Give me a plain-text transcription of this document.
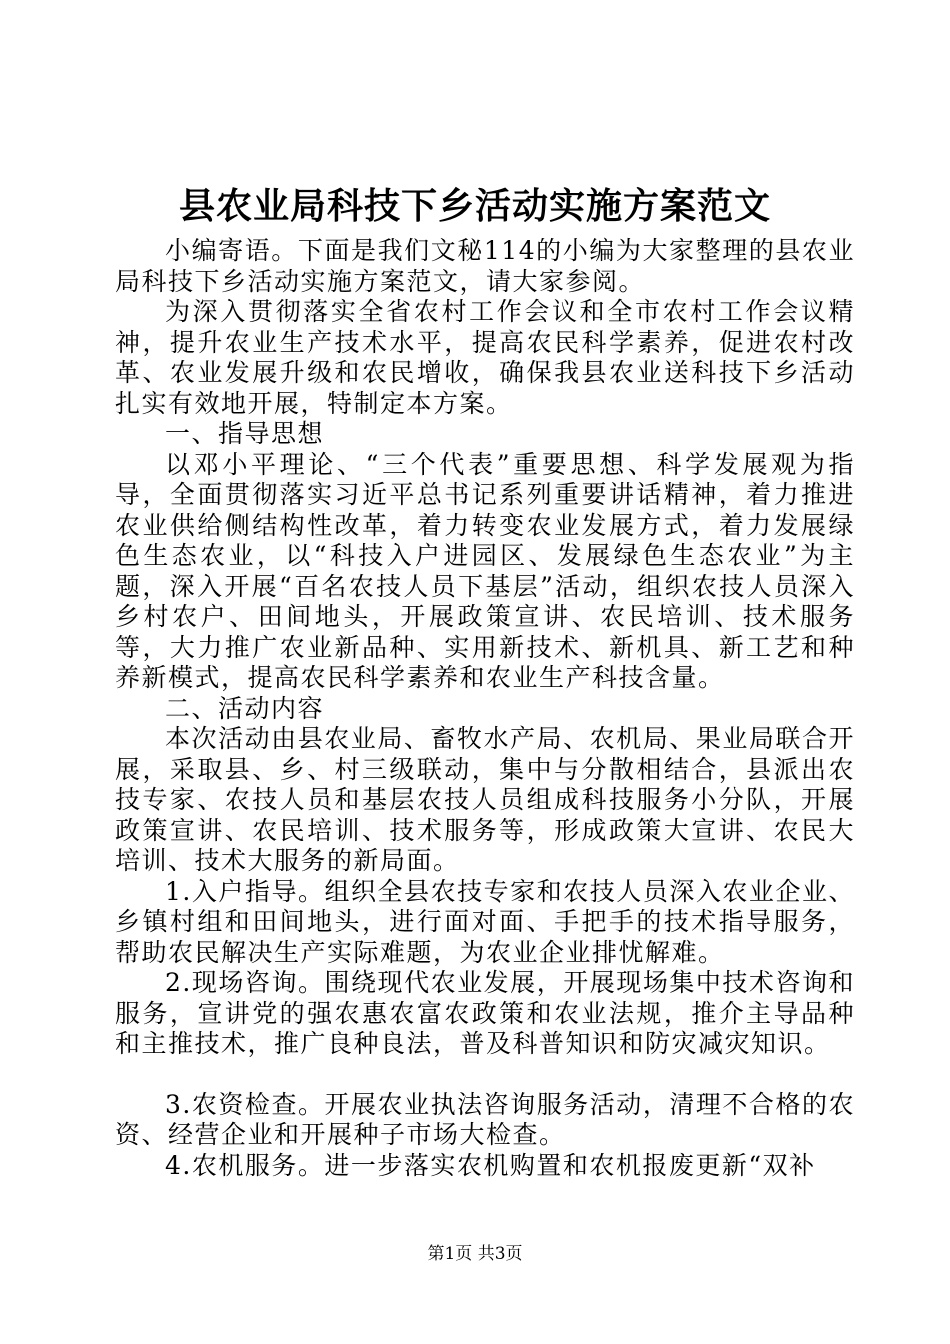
县农业局科技下乡活动实施方案范文

小编寄语。下面是我们文秘114的小编为大家整理的县农业局科技下乡活动实施方案范文，请大家参阅。

为深入贯彻落实全省农村工作会议和全市农村工作会议精神，提升农业生产技术水平，提高农民科学素养，促进农村改革、农业发展升级和农民增收，确保我县农业送科技下乡活动扎实有效地开展，特制定本方案。

一、指导思想

以邓小平理论、“三个代表”重要思想、科学发展观为指导，全面贯彻落实习近平总书记系列重要讲话精神，着力推进农业供给侧结构性改革，着力转变农业发展方式，着力发展绿色生态农业，以“科技入户进园区、发展绿色生态农业”为主题，深入开展“百名农技人员下基层”活动，组织农技人员深入乡村农户、田间地头，开展政策宣讲、农民培训、技术服务等，大力推广农业新品种、实用新技术、新机具、新工艺和种养新模式，提高农民科学素养和农业生产科技含量。

二、活动内容

本次活动由县农业局、畜牧水产局、农机局、果业局联合开展，采取县、乡、村三级联动，集中与分散相结合，县派出农技专家、农技人员和基层农技人员组成科技服务小分队，开展政策宣讲、农民培训、技术服务等，形成政策大宣讲、农民大培训、技术大服务的新局面。

1.入户指导。组织全县农技专家和农技人员深入农业企业、乡镇村组和田间地头，进行面对面、手把手的技术指导服务，帮助农民解决生产实际难题，为农业企业排忧解难。

2.现场咨询。围绕现代农业发展，开展现场集中技术咨询和服务，宣讲党的强农惠农富农政策和农业法规，推介主导品种和主推技术，推广良种良法，普及科普知识和防灾减灾知识。

3.农资检查。开展农业执法咨询服务活动，清理不合格的农资、经营企业和开展种子市场大检查。

4.农机服务。进一步落实农机购置和农机报废更新“双补

第1页 共3页
